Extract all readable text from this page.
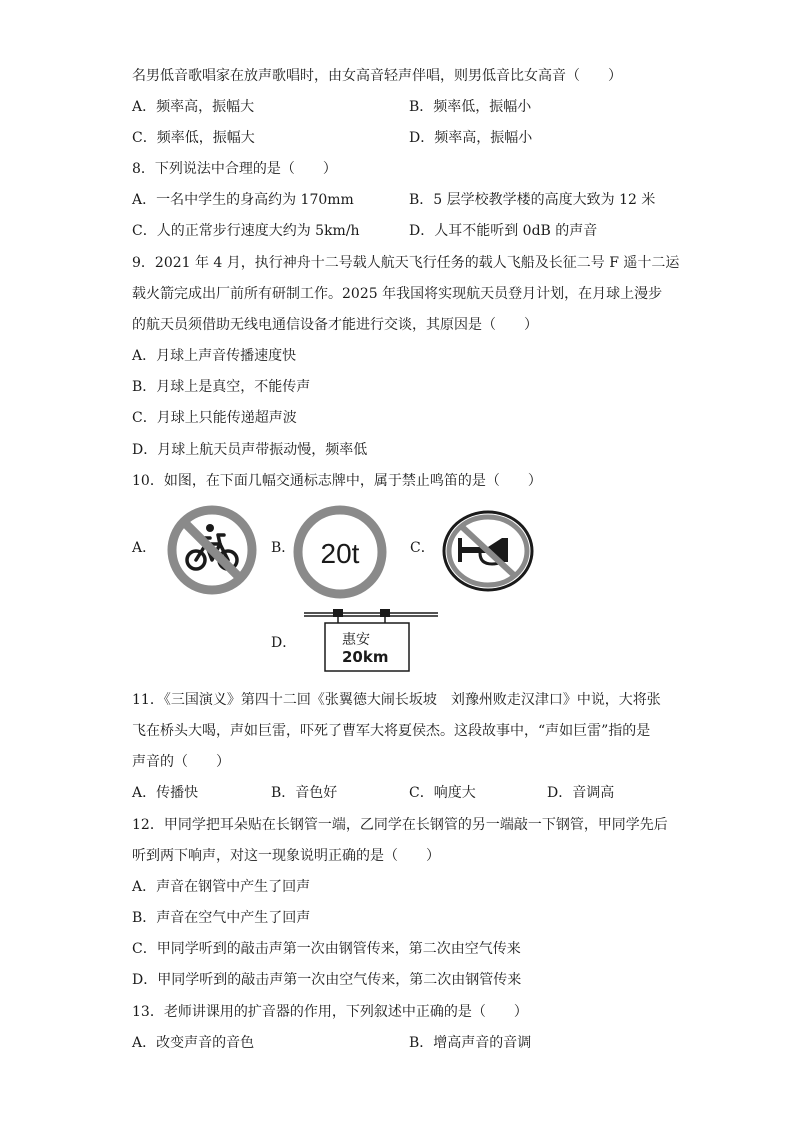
名男低音歌唱家在放声歌唱时，由女高音轻声伴唱，则男低音比女高音（　　）
A．频率高，振幅大	B．频率低，振幅小
C．频率低，振幅大	D．频率高，振幅小
8．下列说法中合理的是（　　）
A．一名中学生的身高约为 170mm	B．5 层学校教学楼的高度大致为 12 米
C．人的正常步行速度大约为 5km/h	D．人耳不能听到 0dB 的声音
9．2021 年 4 月，执行神舟十二号载人航天飞行任务的载人飞船及长征二号 F 遥十二运
载火箭完成出厂前所有研制工作。2025 年我国将实现航天员登月计划，在月球上漫步
的航天员须借助无线电通信设备才能进行交谈，其原因是（　　）
A．月球上声音传播速度快
B．月球上是真空，不能传声
C．月球上只能传递超声波
D．月球上航天员声带振动慢，频率低
10．如图，在下面几幅交通标志牌中，属于禁止鸣笛的是（　　）
A．	B． 20t	C．
D．	惠安
20km
11．《三国演义》第四十二回《张翼德大闹长坂坡　刘豫州败走汉津口》中说，大将张
飞在桥头大喝，声如巨雷，吓死了曹军大将夏侯杰。这段故事中，“声如巨雷”指的是
声音的（　　）
A．传播快	B．音色好	C．响度大	D．音调高
12．甲同学把耳朵贴在长钢管一端，乙同学在长钢管的另一端敲一下钢管，甲同学先后
听到两下响声，对这一现象说明正确的是（　　）
A．声音在钢管中产生了回声
B．声音在空气中产生了回声
C．甲同学听到的敲击声第一次由钢管传来，第二次由空气传来
D．甲同学听到的敲击声第一次由空气传来，第二次由钢管传来
13．老师讲课用的扩音器的作用，下列叙述中正确的是（　　）
A．改变声音的音色	B．增高声音的音调
